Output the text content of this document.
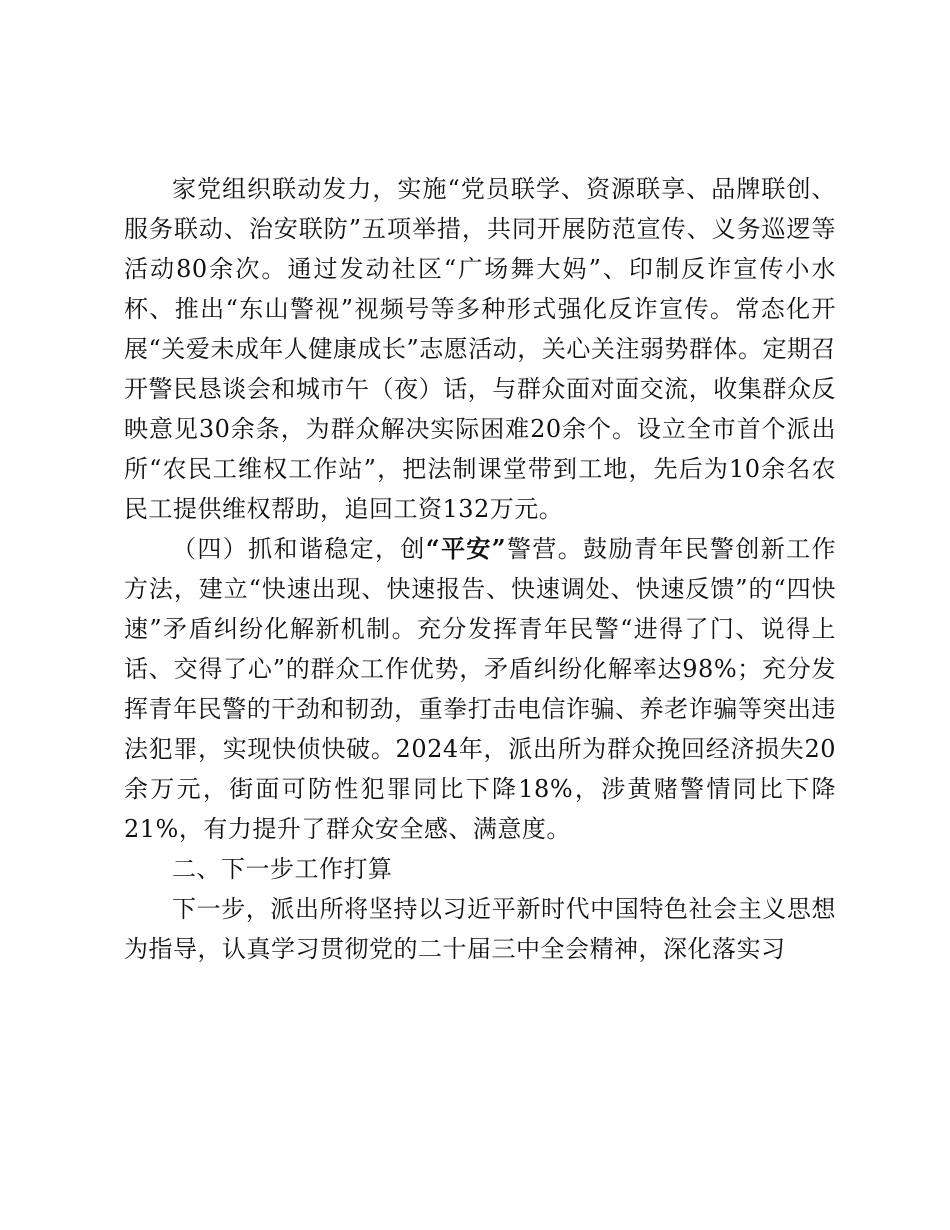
家党组织联动发力，实施“党员联学、资源联享、品牌联创、服务联动、治安联防”五项举措，共同开展防范宣传、义务巡逻等活动80余次。通过发动社区“广场舞大妈”、印制反诈宣传小水杯、推出“东山警视”视频号等多种形式强化反诈宣传。常态化开展“关爱未成年人健康成长”志愿活动，关心关注弱势群体。定期召开警民恳谈会和城市午（夜）话，与群众面对面交流，收集群众反映意见30余条，为群众解决实际困难20余个。设立全市首个派出所“农民工维权工作站”，把法制课堂带到工地，先后为10余名农民工提供维权帮助，追回工资132万元。

（四）抓和谐稳定，创“平安”警营。鼓励青年民警创新工作方法，建立“快速出现、快速报告、快速调处、快速反馈”的“四快速”矛盾纠纷化解新机制。充分发挥青年民警“进得了门、说得上话、交得了心”的群众工作优势，矛盾纠纷化解率达98%；充分发挥青年民警的干劲和韧劲，重拳打击电信诈骗、养老诈骗等突出违法犯罪，实现快侦快破。2024年，派出所为群众挽回经济损失20余万元，街面可防性犯罪同比下降18%，涉黄赌警情同比下降21%，有力提升了群众安全感、满意度。

二、下一步工作打算

下一步，派出所将坚持以习近平新时代中国特色社会主义思想为指导，认真学习贯彻党的二十届三中全会精神，深化落实习
